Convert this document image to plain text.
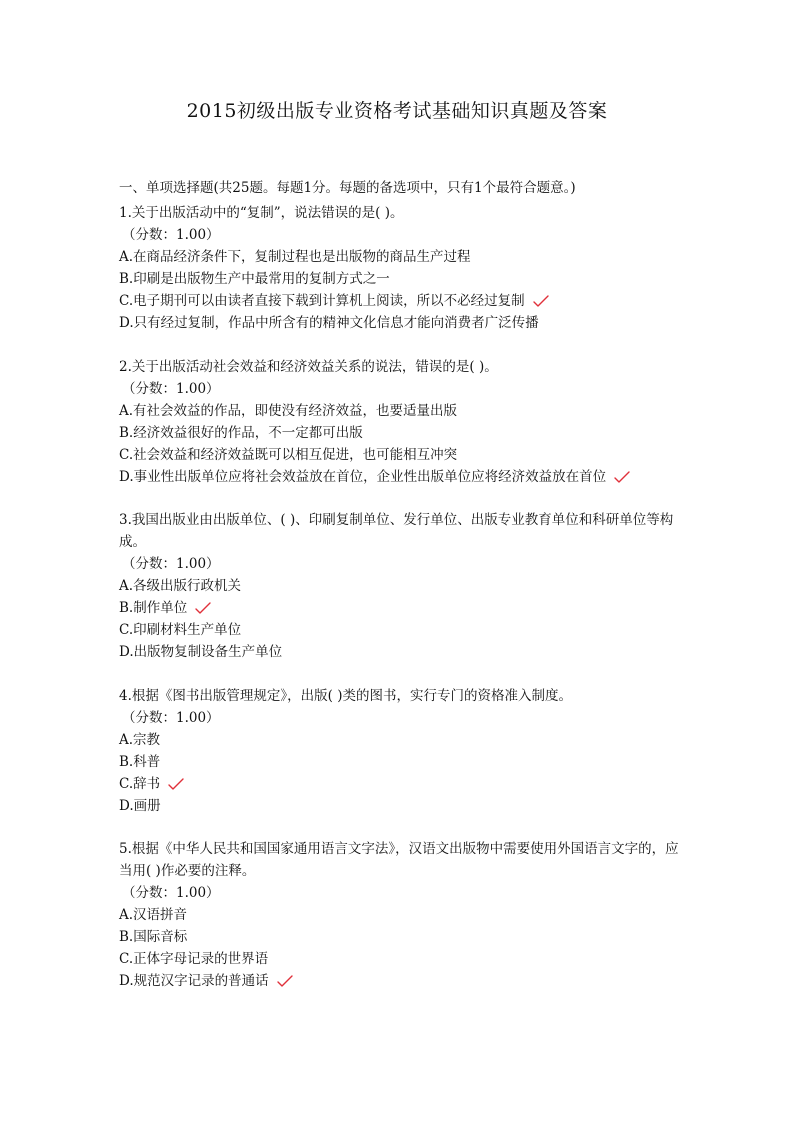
2015初级出版专业资格考试基础知识真题及答案
一、单项选择题(共25题。每题1分。每题的备选项中，只有1个最符合题意。)
1.关于出版活动中的“复制”，说法错误的是( )。
（分数：1.00）
A.在商品经济条件下，复制过程也是出版物的商品生产过程
B.印刷是出版物生产中最常用的复制方式之一
C.电子期刊可以由读者直接下载到计算机上阅读，所以不必经过复制
D.只有经过复制，作品中所含有的精神文化信息才能向消费者广泛传播
2.关于出版活动社会效益和经济效益关系的说法，错误的是( )。
（分数：1.00）
A.有社会效益的作品，即使没有经济效益，也要适量出版
B.经济效益很好的作品，不一定都可出版
C.社会效益和经济效益既可以相互促进，也可能相互冲突
D.事业性出版单位应将社会效益放在首位，企业性出版单位应将经济效益放在首位
3.我国出版业由出版单位、( )、印刷复制单位、发行单位、出版专业教育单位和科研单位等构成。
（分数：1.00）
A.各级出版行政机关
B.制作单位
C.印刷材料生产单位
D.出版物复制设备生产单位
4.根据《图书出版管理规定》，出版( )类的图书，实行专门的资格准入制度。
（分数：1.00）
A.宗教
B.科普
C.辞书
D.画册
5.根据《中华人民共和国国家通用语言文字法》，汉语文出版物中需要使用外国语言文字的，应当用( )作必要的注释。
（分数：1.00）
A.汉语拼音
B.国际音标
C.正体字母记录的世界语
D.规范汉字记录的普通话
